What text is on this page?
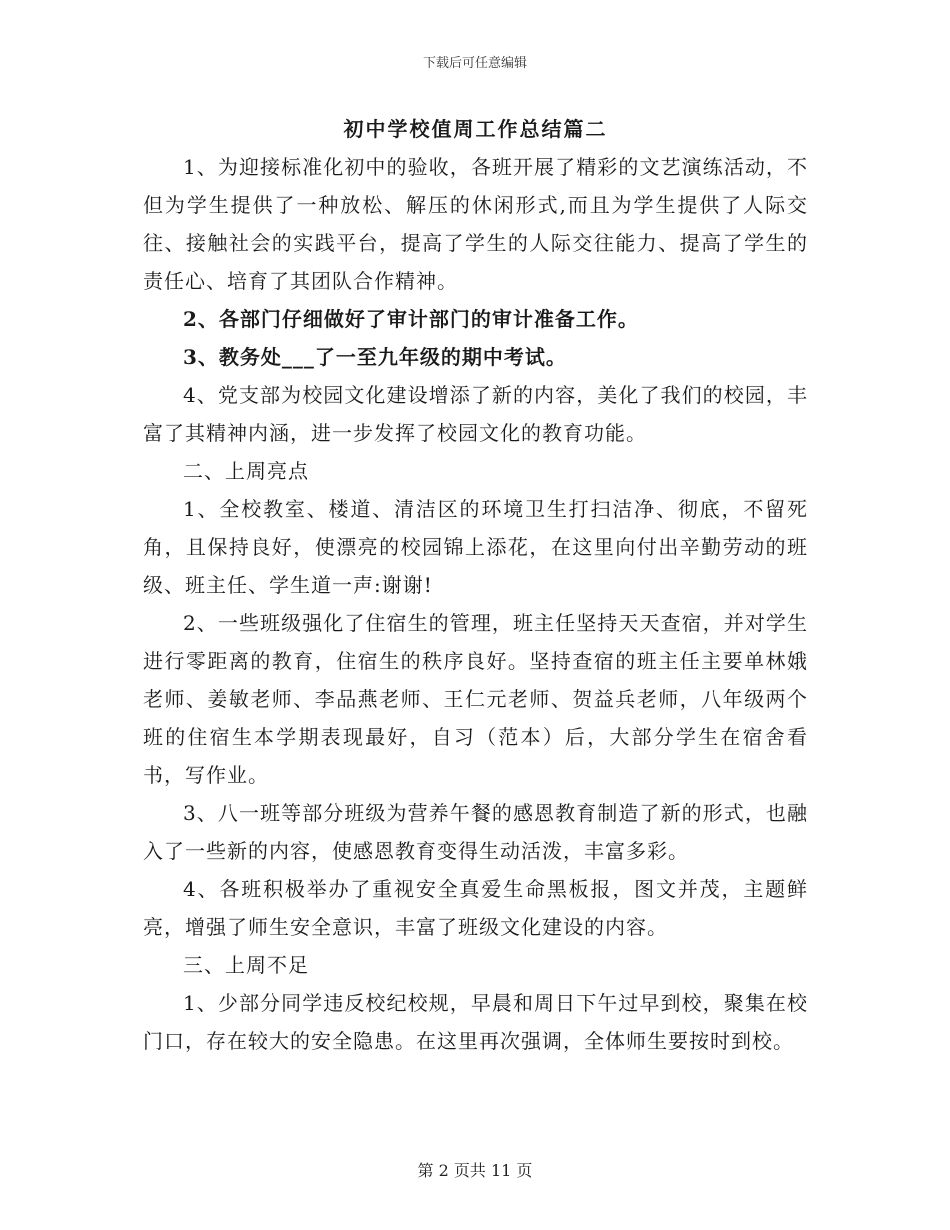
下载后可任意编辑
初中学校值周工作总结篇二

1、为迎接标准化初中的验收，各班开展了精彩的文艺演练活动，不但为学生提供了一种放松、解压的休闲形式,而且为学生提供了人际交往、接触社会的实践平台，提高了学生的人际交往能力、提高了学生的责任心、培育了其团队合作精神。

2、各部门仔细做好了审计部门的审计准备工作。

3、教务处___了一至九年级的期中考试。

4、党支部为校园文化建设增添了新的内容，美化了我们的校园，丰富了其精神内涵，进一步发挥了校园文化的教育功能。

二、上周亮点

1、全校教室、楼道、清洁区的环境卫生打扫洁净、彻底，不留死角，且保持良好，使漂亮的校园锦上添花，在这里向付出辛勤劳动的班级、班主任、学生道一声:谢谢!

2、一些班级强化了住宿生的管理，班主任坚持天天查宿，并对学生进行零距离的教育，住宿生的秩序良好。坚持查宿的班主任主要单林娥老师、姜敏老师、李品燕老师、王仁元老师、贺益兵老师，八年级两个班的住宿生本学期表现最好，自习（范本）后，大部分学生在宿舍看书，写作业。

3、八一班等部分班级为营养午餐的感恩教育制造了新的形式，也融入了一些新的内容，使感恩教育变得生动活泼，丰富多彩。

4、各班积极举办了重视安全真爱生命黑板报，图文并茂，主题鲜亮，增强了师生安全意识，丰富了班级文化建设的内容。

三、上周不足

1、少部分同学违反校纪校规，早晨和周日下午过早到校，聚集在校门口，存在较大的安全隐患。在这里再次强调，全体师生要按时到校。

第 2 页共 11 页
